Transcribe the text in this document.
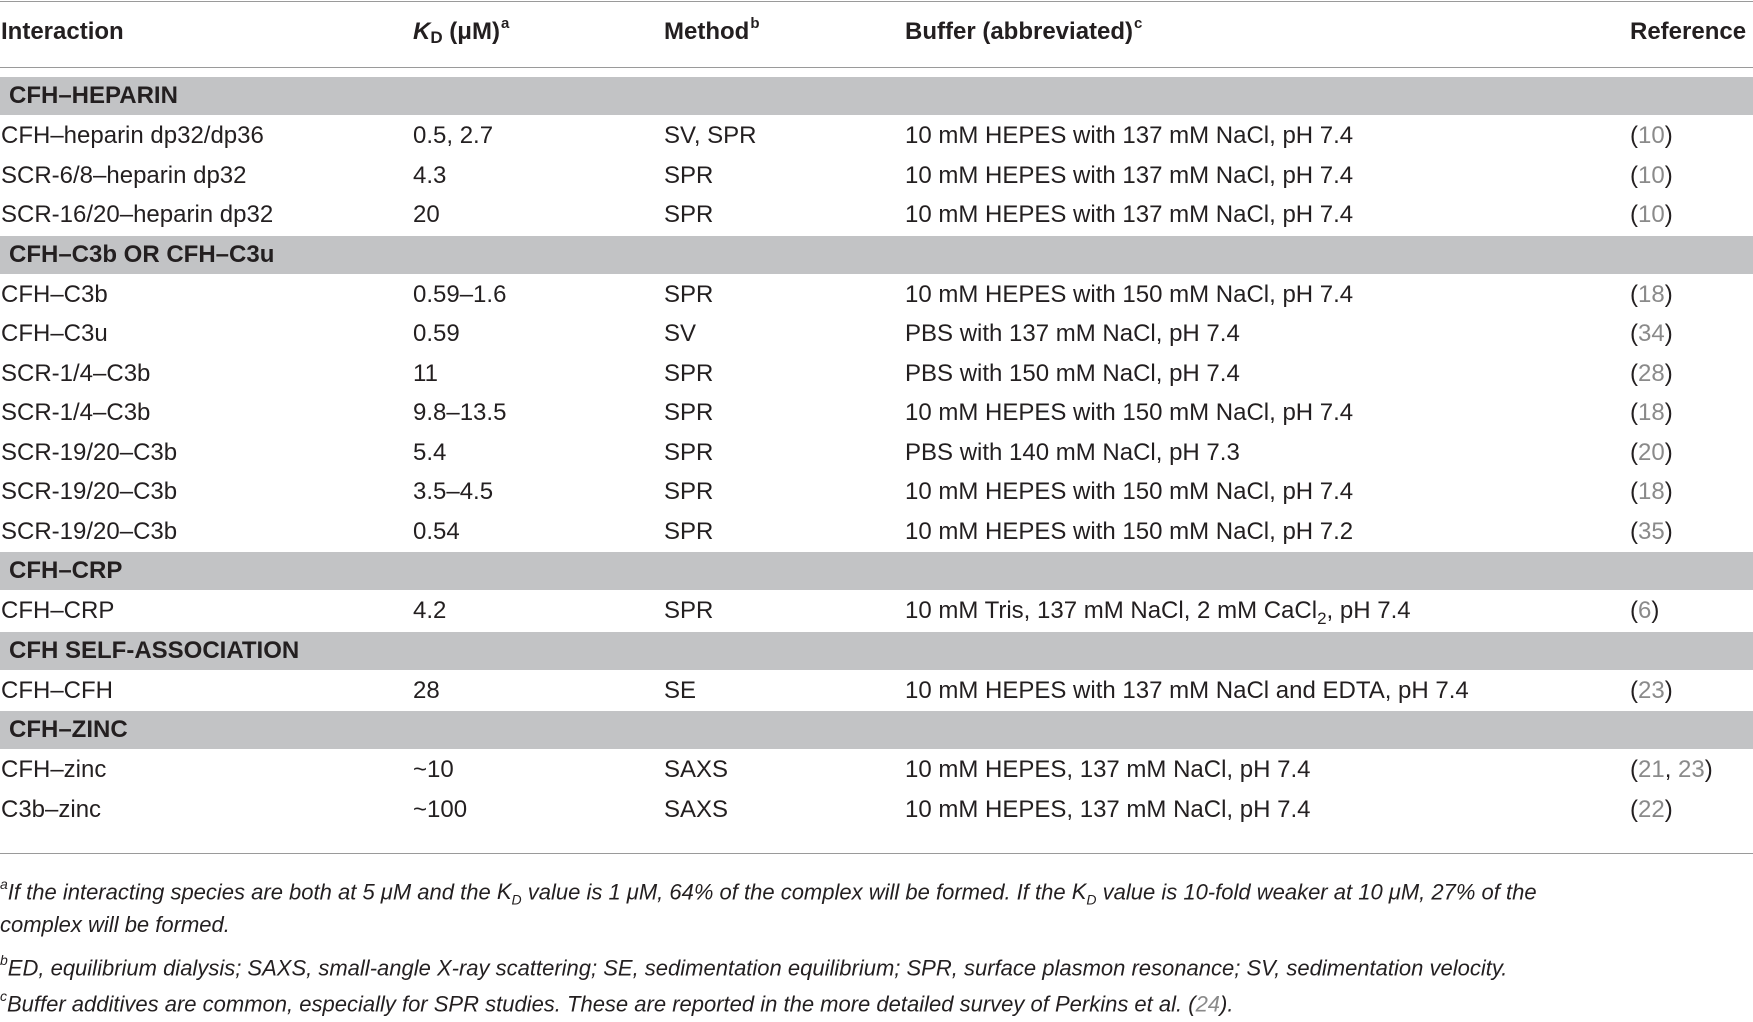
Interaction	KD $(\mu M)^a$	Method$^b$	Buffer (abbreviated)$^c$	Reference
CFH–HEPARIN
CFH–heparin dp32/dp36	0.5, 2.7	SV, SPR	10 mM HEPES with 137 mM NaCl, pH 7.4	(10)
SCR-6/8–heparin dp32	4.3	SPR	10 mM HEPES with 137 mM NaCl, pH 7.4	(10)
SCR-16/20–heparin dp32	20	SPR	10 mM HEPES with 137 mM NaCl, pH 7.4	(10)
CFH–C3b OR CFH–C3u
CFH–C3b	0.59–1.6	SPR	10 mM HEPES with 150 mM NaCl, pH 7.4	(18)
CFH–C3u	0.59	SV	PBS with 137 mM NaCl, pH 7.4	(34)
SCR-1/4–C3b	11	SPR	PBS with 150 mM NaCl, pH 7.4	(28)
SCR-1/4–C3b	9.8–13.5	SPR	10 mM HEPES with 150 mM NaCl, pH 7.4	(18)
SCR-19/20–C3b	5.4	SPR	PBS with 140 mM NaCl, pH 7.3	(20)
SCR-19/20–C3b	3.5–4.5	SPR	10 mM HEPES with 150 mM NaCl, pH 7.4	(18)
SCR-19/20–C3b	0.54	SPR	10 mM HEPES with 150 mM NaCl, pH 7.2	(35)
CFH–CRP
CFH–CRP	4.2	SPR	10 mM Tris, 137 mM NaCl, 2 mM CaCl$_2$, pH 7.4	(6)
CFH SELF-ASSOCIATION
CFH–CFH	28	SE	10 mM HEPES with 137 mM NaCl and EDTA, pH 7.4	(23)
CFH–ZINC
CFH–zinc	~10	SAXS	10 mM HEPES, 137 mM NaCl, pH 7.4	(21, 23)
C3b–zinc	~100	SAXS	10 mM HEPES, 137 mM NaCl, pH 7.4	(22)
$^a$If the interacting species are both at 5 μM and the $K_D$ value is 1 μM, 64% of the complex will be formed. If the $K_D$ value is 10-fold weaker at 10 μM, 27% of the
complex will be formed.
$^b$ED, equilibrium dialysis; SAXS, small-angle X-ray scattering; SE, sedimentation equilibrium; SPR, surface plasmon resonance; SV, sedimentation velocity.
$^c$Buffer additives are common, especially for SPR studies. These are reported in the more detailed survey of Perkins et al. (24).
